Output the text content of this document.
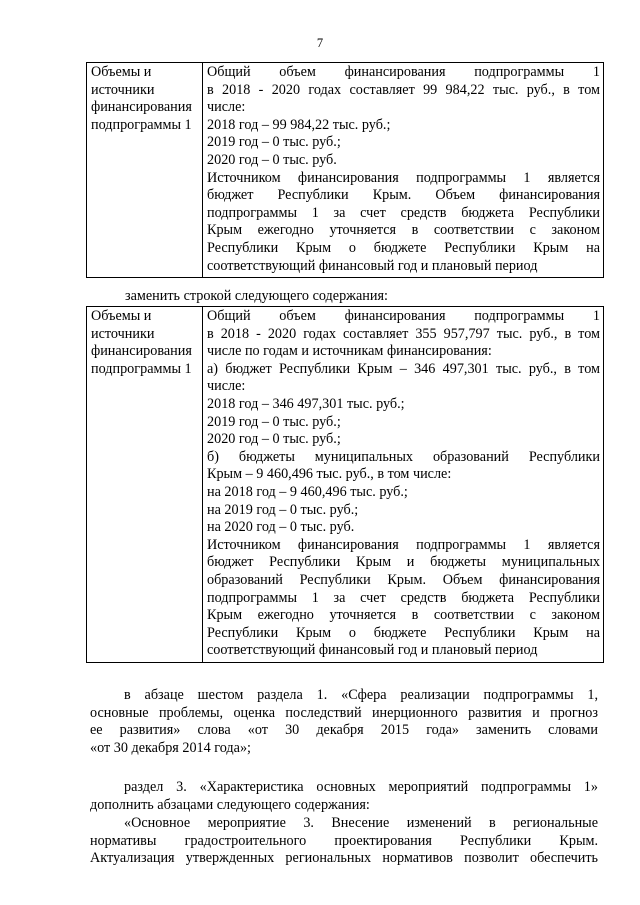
7
Объемы и
источники
финансирования
подпрограммы 1

Общий объем финансирования подпрограммы 1
в 2018 - 2020 годах составляет 99 984,22 тыс. руб., в том
числе:
2018 год – 99 984,22 тыс. руб.;
2019 год – 0 тыс. руб.;
2020 год – 0 тыс. руб.
Источником финансирования подпрограммы 1 является
бюджет Республики Крым. Объем финансирования
подпрограммы 1 за счет средств бюджета Республики
Крым ежегодно уточняется в соответствии с законом
Республики Крым о бюджете Республики Крым на
соответствующий финансовый год и плановый период
заменить строкой следующего содержания:
Объемы и
источники
финансирования
подпрограммы 1

Общий объем финансирования подпрограммы 1
в 2018 - 2020 годах составляет 355 957,797 тыс. руб., в том
числе по годам и источникам финансирования:
а) бюджет Республики Крым – 346 497,301 тыс. руб., в том
числе:
2018 год – 346 497,301 тыс. руб.;
2019 год – 0 тыс. руб.;
2020 год – 0 тыс. руб.;
б) бюджеты муниципальных образований Республики
Крым – 9 460,496 тыс. руб., в том числе:
на 2018 год – 9 460,496 тыс. руб.;
на 2019 год – 0 тыс. руб.;
на 2020 год – 0 тыс. руб.
Источником финансирования подпрограммы 1 является
бюджет Республики Крым и бюджеты муниципальных
образований Республики Крым. Объем финансирования
подпрограммы 1 за счет средств бюджета Республики
Крым ежегодно уточняется в соответствии с законом
Республики Крым о бюджете Республики Крым на
соответствующий финансовый год и плановый период
в абзаце шестом раздела 1. «Сфера реализации подпрограммы 1,
основные проблемы, оценка последствий инерционного развития и прогноз
ее развития» слова «от 30 декабря 2015 года» заменить словами
«от 30 декабря 2014 года»;
раздел 3. «Характеристика основных мероприятий подпрограммы 1»
дополнить абзацами следующего содержания:
«Основное мероприятие 3. Внесение изменений в региональные
нормативы градостроительного проектирования Республики Крым.
Актуализация утвержденных региональных нормативов позволит обеспечить
